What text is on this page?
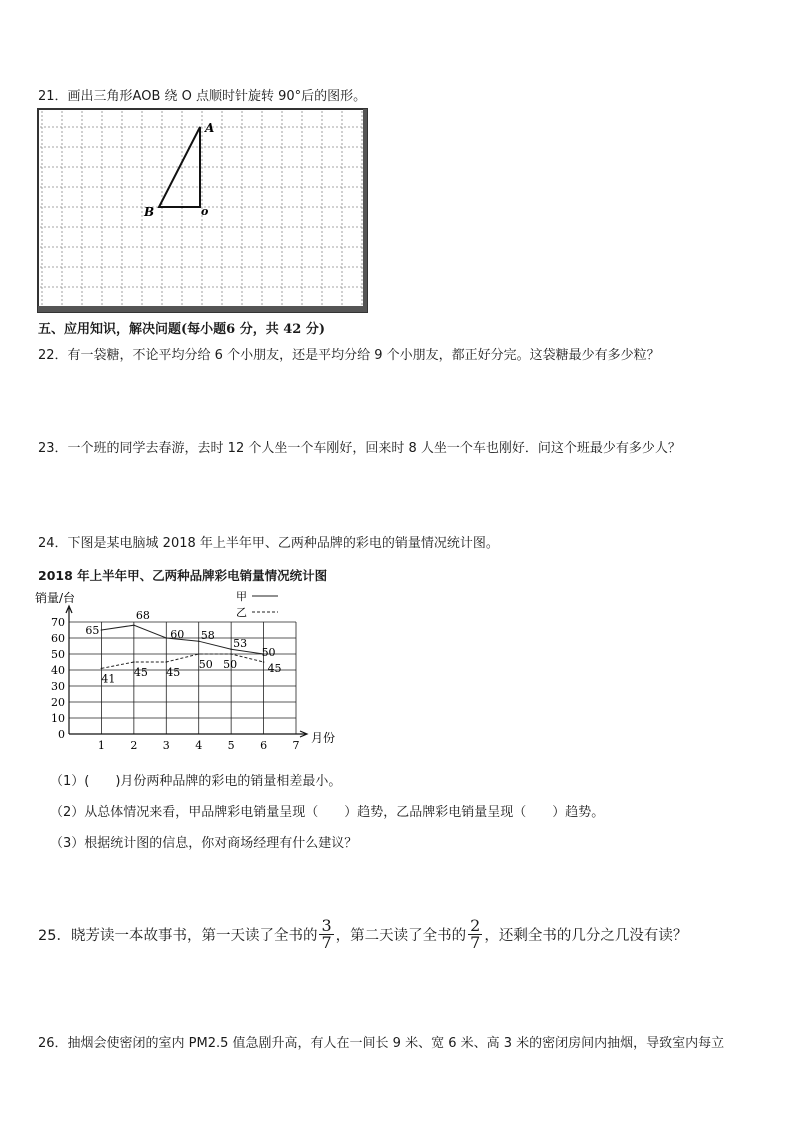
21．画出三角形AOB 绕 O 点顺时针旋转 90°后的图形。
A
B	o
五、应用知识，解决问题(每小题6 分，共 42 分)
22．有一袋糖，不论平均分给 6 个小朋友，还是平均分给 9 个小朋友，都正好分完。这袋糖最少有多少粒？
23．一个班的同学去春游，去时 12 个人坐一个车刚好，回来时 8 人坐一个车也刚好．问这个班最少有多少人？
24．下图是某电脑城 2018 年上半年甲、乙两种品牌的彩电的销量情况统计图。
2018 年上半年甲、乙两种品牌彩电销量情况统计图
0
10
20
30
40
50
60
70
1 2 3 4 5 6 7
65
68
60 58
53
50
41 45 45
50 50	45
销量/台
月份
甲
乙
（1）(　　)月份两种品牌的彩电的销量相差最小。
（2）从总体情况来看，甲品牌彩电销量呈现（　　）趋势，乙品牌彩电销量呈现（　　）趋势。
（3）根据统计图的信息，你对商场经理有什么建议？
25．晓芳读一本故事书，第一天读了全书的 $\frac{3}{7}$ ，第二天读了全书的 $\frac{2}{7}$ ，还剩全书的几分之几没有读？
26．抽烟会使密闭的室内 PM2.5 值急剧升高，有人在一间长 9 米、宽 6 米、高 3 米的密闭房间内抽烟，导致室内每立
